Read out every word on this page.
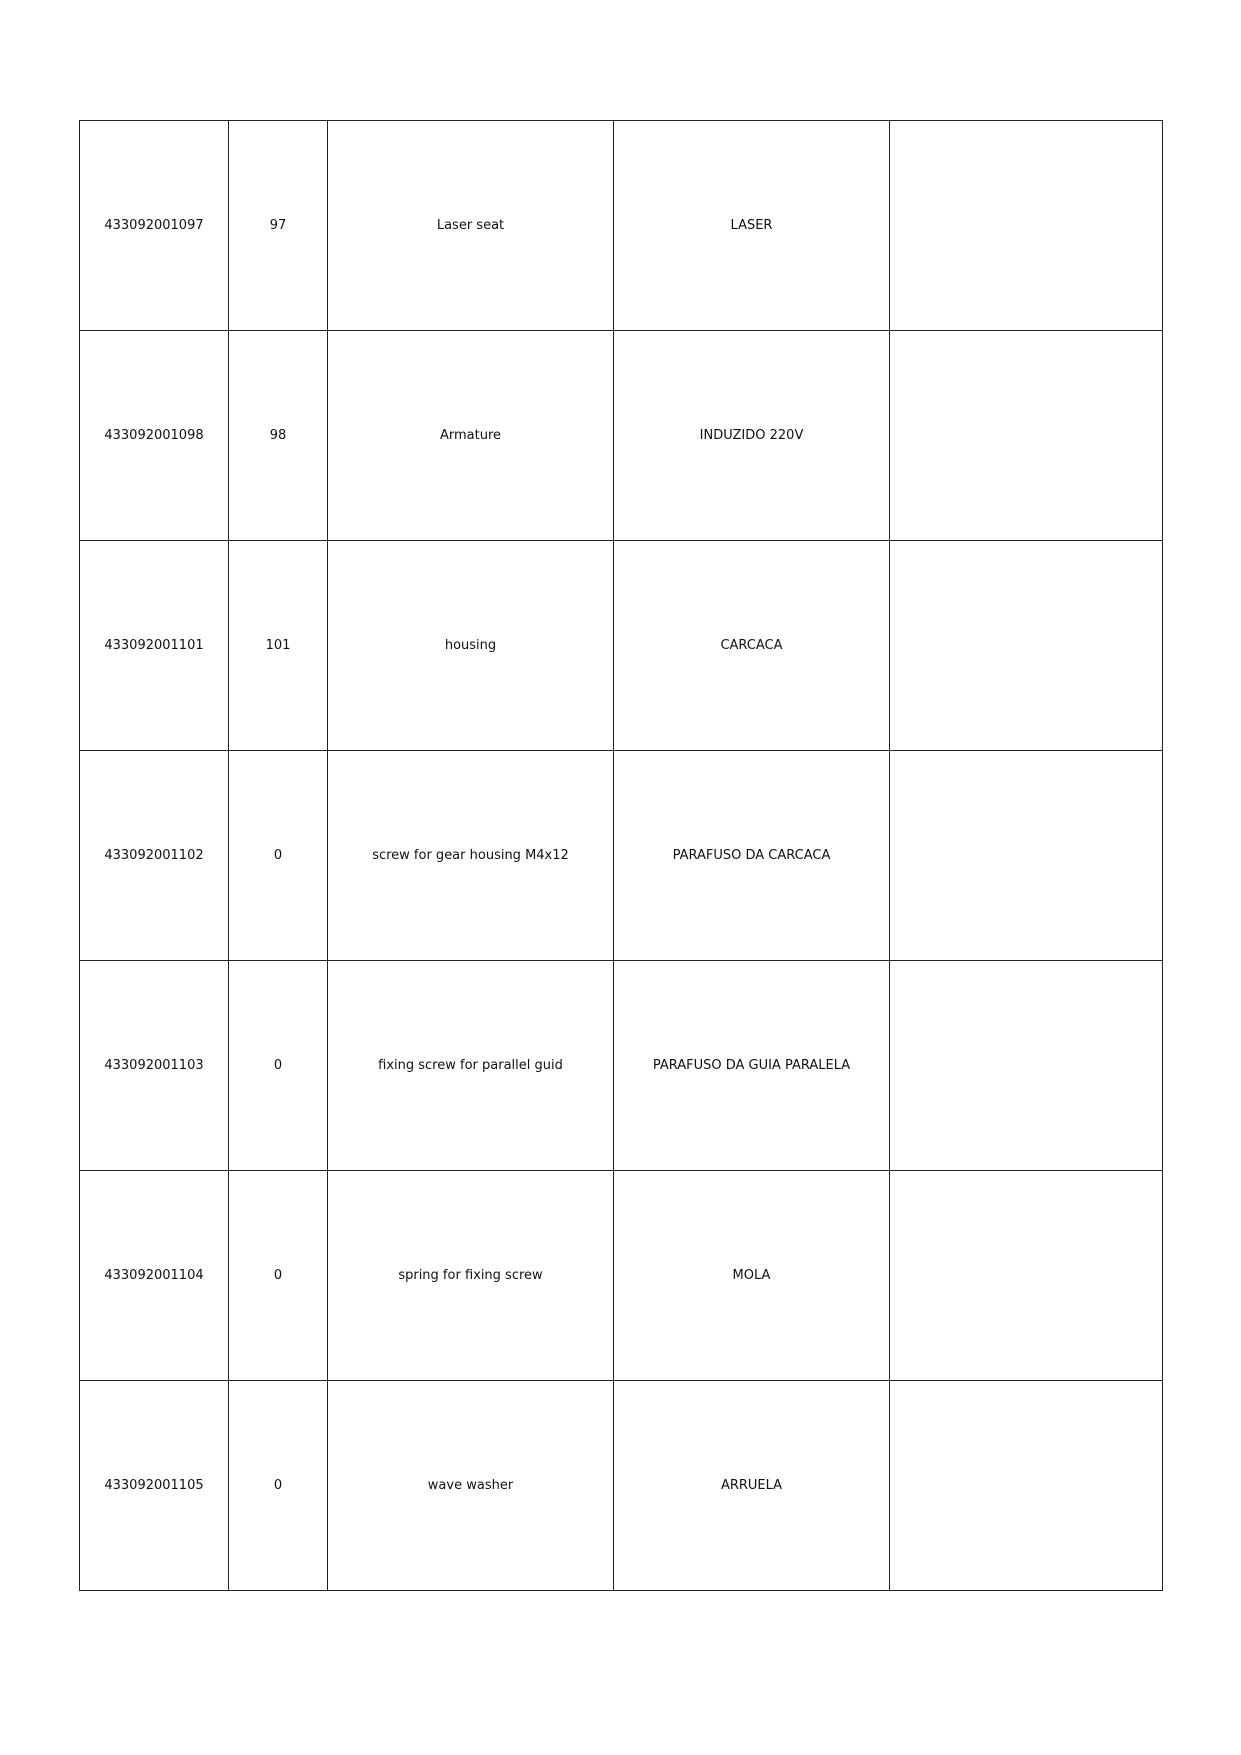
433092001097	97	Laser seat	LASER	
433092001098	98	Armature	INDUZIDO 220V	
433092001101	101	housing	CARCACA	
433092001102	0	screw for gear housing M4x12	PARAFUSO DA CARCACA	
433092001103	0	fixing screw for parallel guid	PARAFUSO DA GUIA PARALELA	
433092001104	0	spring for fixing screw	MOLA	
433092001105	0	wave washer	ARRUELA	
